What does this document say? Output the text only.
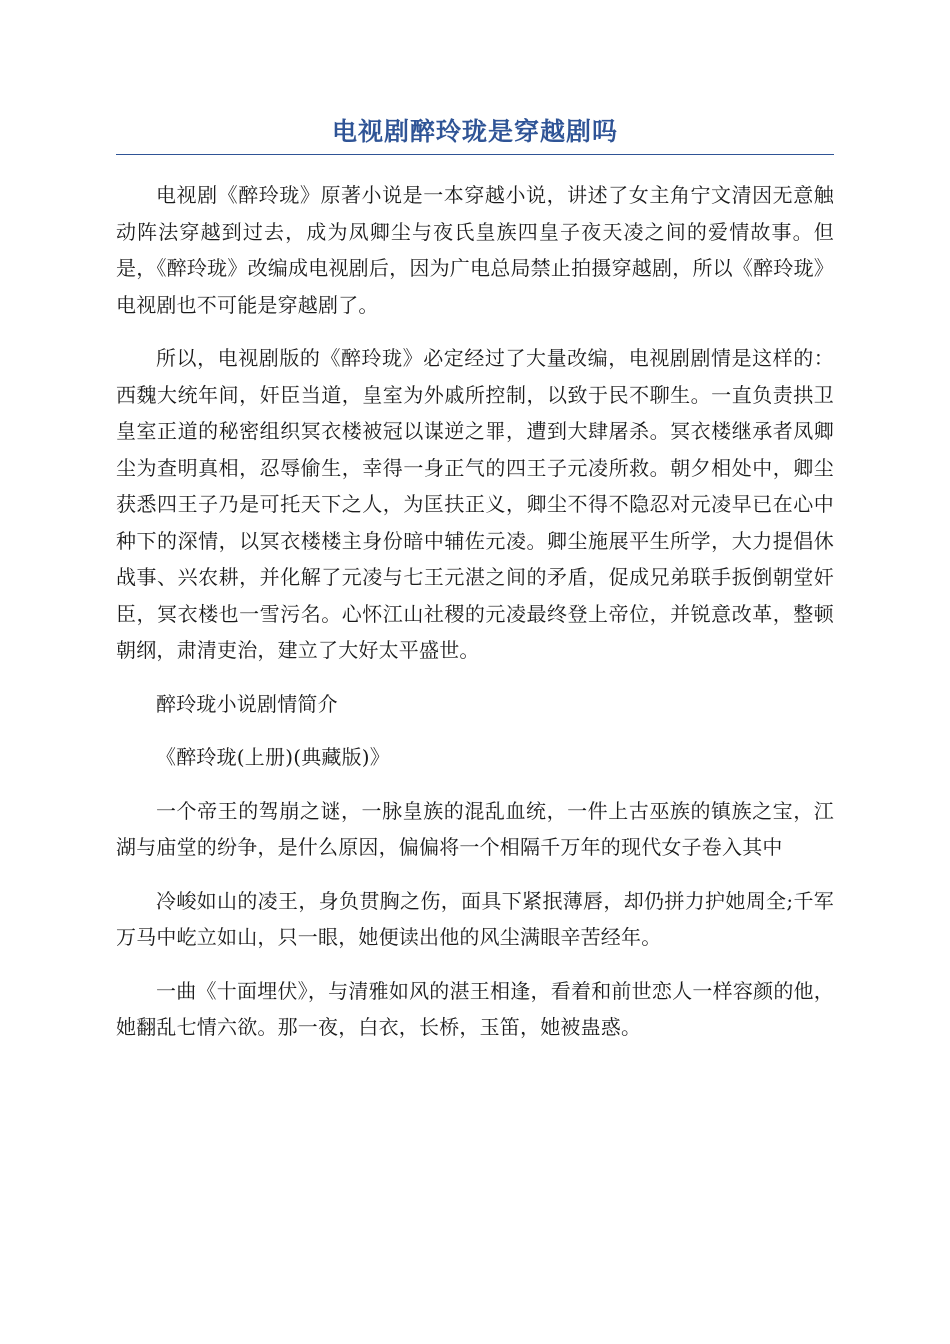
电视剧醉玲珑是穿越剧吗

电视剧《醉玲珑》原著小说是一本穿越小说，讲述了女主角宁文清因无意触动阵法穿越到过去，成为凤卿尘与夜氏皇族四皇子夜天凌之间的爱情故事。但是，《醉玲珑》改编成电视剧后，因为广电总局禁止拍摄穿越剧，所以《醉玲珑》电视剧也不可能是穿越剧了。

所以，电视剧版的《醉玲珑》必定经过了大量改编，电视剧剧情是这样的：西魏大统年间，奸臣当道，皇室为外戚所控制，以致于民不聊生。一直负责拱卫皇室正道的秘密组织冥衣楼被冠以谋逆之罪，遭到大肆屠杀。冥衣楼继承者凤卿尘为查明真相，忍辱偷生，幸得一身正气的四王子元凌所救。朝夕相处中，卿尘获悉四王子乃是可托天下之人，为匡扶正义，卿尘不得不隐忍对元凌早已在心中种下的深情，以冥衣楼楼主身份暗中辅佐元凌。卿尘施展平生所学，大力提倡休战事、兴农耕，并化解了元凌与七王元湛之间的矛盾，促成兄弟联手扳倒朝堂奸臣，冥衣楼也一雪污名。心怀江山社稷的元凌最终登上帝位，并锐意改革，整顿朝纲，肃清吏治，建立了大好太平盛世。

醉玲珑小说剧情简介

《醉玲珑(上册)(典藏版)》

一个帝王的驾崩之谜，一脉皇族的混乱血统，一件上古巫族的镇族之宝，江湖与庙堂的纷争，是什么原因，偏偏将一个相隔千万年的现代女子卷入其中

冷峻如山的凌王，身负贯胸之伤，面具下紧抿薄唇，却仍拼力护她周全;千军万马中屹立如山，只一眼，她便读出他的风尘满眼辛苦经年。

一曲《十面埋伏》，与清雅如风的湛王相逢，看着和前世恋人一样容颜的他，她翻乱七情六欲。那一夜，白衣，长桥，玉笛，她被蛊惑。
